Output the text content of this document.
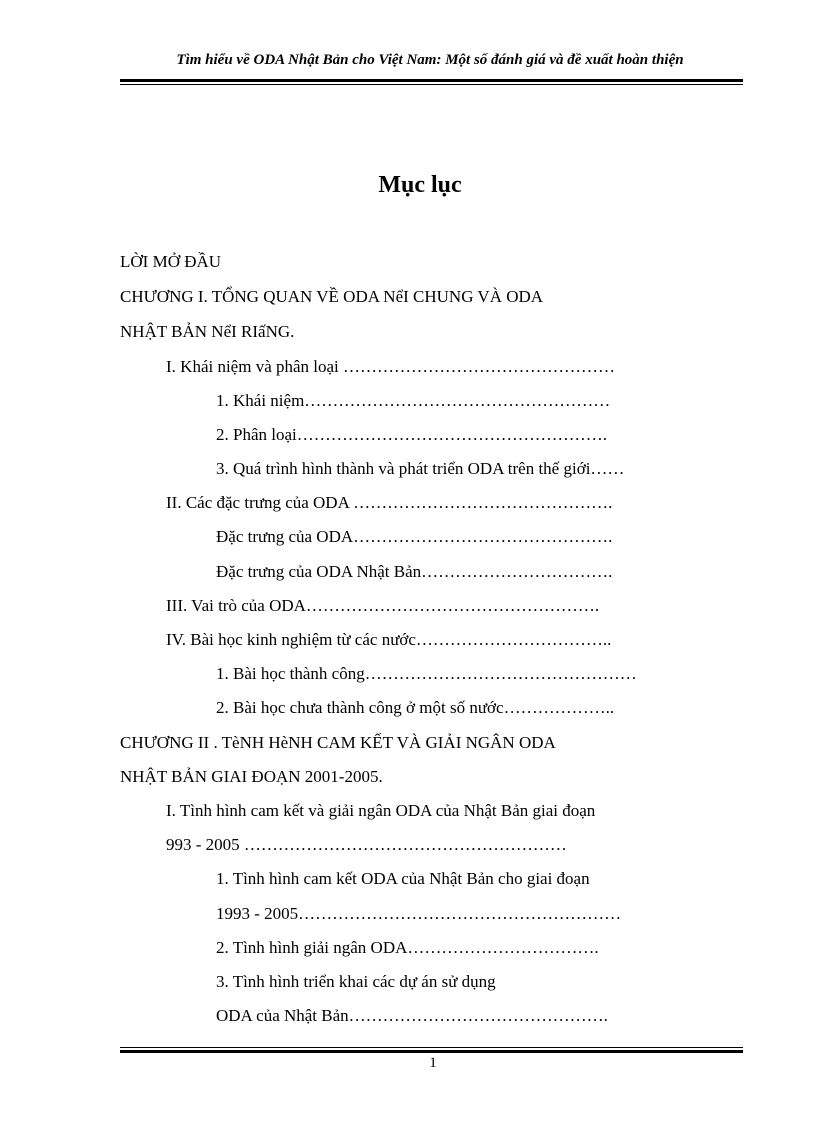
Tìm hiểu về ODA Nhật Bản cho Việt Nam: Một số đánh giá và đề xuất hoàn thiện
Mục lục
LỜI MỞ ĐẦU
CHƯƠNG I. TỔNG QUAN VỀ ODA NểI CHUNG VÀ ODA
NHẬT BẢN NểI RIấNG.
I. Khái niệm và phân loại …………………………………………
1. Khái niệm………………………………………………
2. Phân loại……………………………………………….
3. Quá trình hình thành và phát triển ODA trên thế giới……
II. Các đặc trưng của ODA ……………………………………….
Đặc trưng của ODA……………………………………….
Đặc trưng của ODA Nhật Bản…………………………….
III. Vai trò của ODA…………………………………………….
IV. Bài học kinh nghiệm từ các nước……………………………..
1. Bài học thành công…………………………………………
2. Bài học chưa thành công ở một số nước………………..
CHƯƠNG II . TèNH HèNH CAM KẾT VÀ GIẢI NGÂN ODA
NHẬT BẢN GIAI ĐOẠN 2001-2005.
I. Tình hình cam kết và giải ngân ODA của Nhật Bản giai đoạn
993 - 2005 …………………………………………………
1. Tình hình cam kết ODA của Nhật Bản cho giai đoạn
1993 - 2005…………………………………………………
2. Tình hình giải ngân ODA…………………………….
3. Tình hình triển khai các dự án sử dụng
ODA của Nhật Bản……………………………………….
1
